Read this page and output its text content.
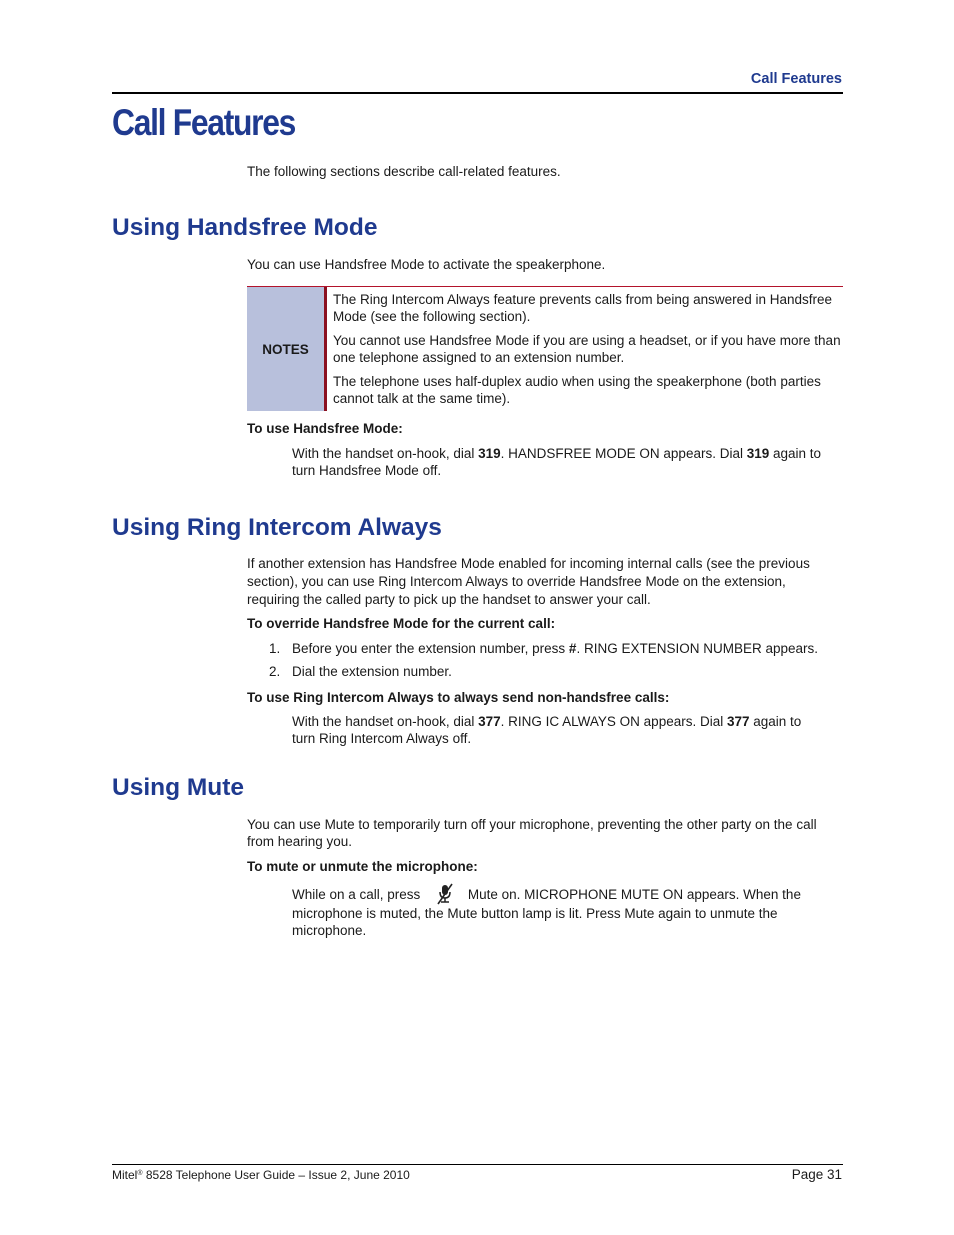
Call Features
Call Features
The following sections describe call-related features.
Using Handsfree Mode
You can use Handsfree Mode to activate the speakerphone.
NOTES
The Ring Intercom Always feature prevents calls from being answered in Handsfree Mode (see the following section).
You cannot use Handsfree Mode if you are using a headset, or if you have more than one telephone assigned to an extension number.
The telephone uses half-duplex audio when using the speakerphone (both parties cannot talk at the same time).
To use Handsfree Mode:
With the handset on-hook, dial 319. HANDSFREE MODE ON appears. Dial 319 again to
turn Handsfree Mode off.
Using Ring Intercom Always
If another extension has Handsfree Mode enabled for incoming internal calls (see the previous
section), you can use Ring Intercom Always to override Handsfree Mode on the extension,
requiring the called party to pick up the handset to answer your call.
To override Handsfree Mode for the current call:
1. Before you enter the extension number, press #. RING EXTENSION NUMBER appears.
2. Dial the extension number.
To use Ring Intercom Always to always send non-handsfree calls:
With the handset on-hook, dial 377. RING IC ALWAYS ON appears. Dial 377 again to
turn Ring Intercom Always off.
Using Mute
You can use Mute to temporarily turn off your microphone, preventing the other party on the call
from hearing you.
To mute or unmute the microphone:
While on a call, press	Mute on. MICROPHONE MUTE ON appears. When the
microphone is muted, the Mute button lamp is lit. Press Mute again to unmute the
microphone.
Mitel® 8528 Telephone User Guide – Issue 2, June 2010	Page 31
